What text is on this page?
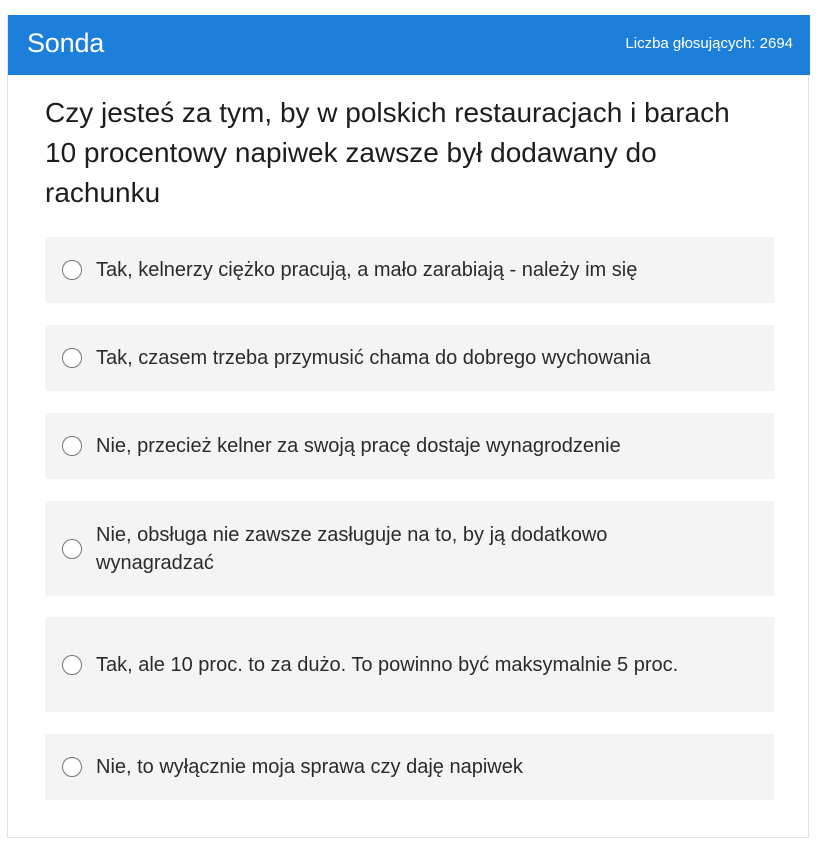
Sonda	Liczba głosujących: 2694
Czy jesteś za tym, by w polskich restauracjach i barach 10 procentowy napiwek zawsze był dodawany do rachunku
Tak, kelnerzy ciężko pracują, a mało zarabiają - należy im się
Tak, czasem trzeba przymusić chama do dobrego wychowania
Nie, przecież kelner za swoją pracę dostaje wynagrodzenie
Nie, obsługa nie zawsze zasługuje na to, by ją dodatkowo wynagradzać
Tak, ale 10 proc. to za dużo. To powinno być maksymalnie 5 proc.
Nie, to wyłącznie moja sprawa czy daję napiwek
